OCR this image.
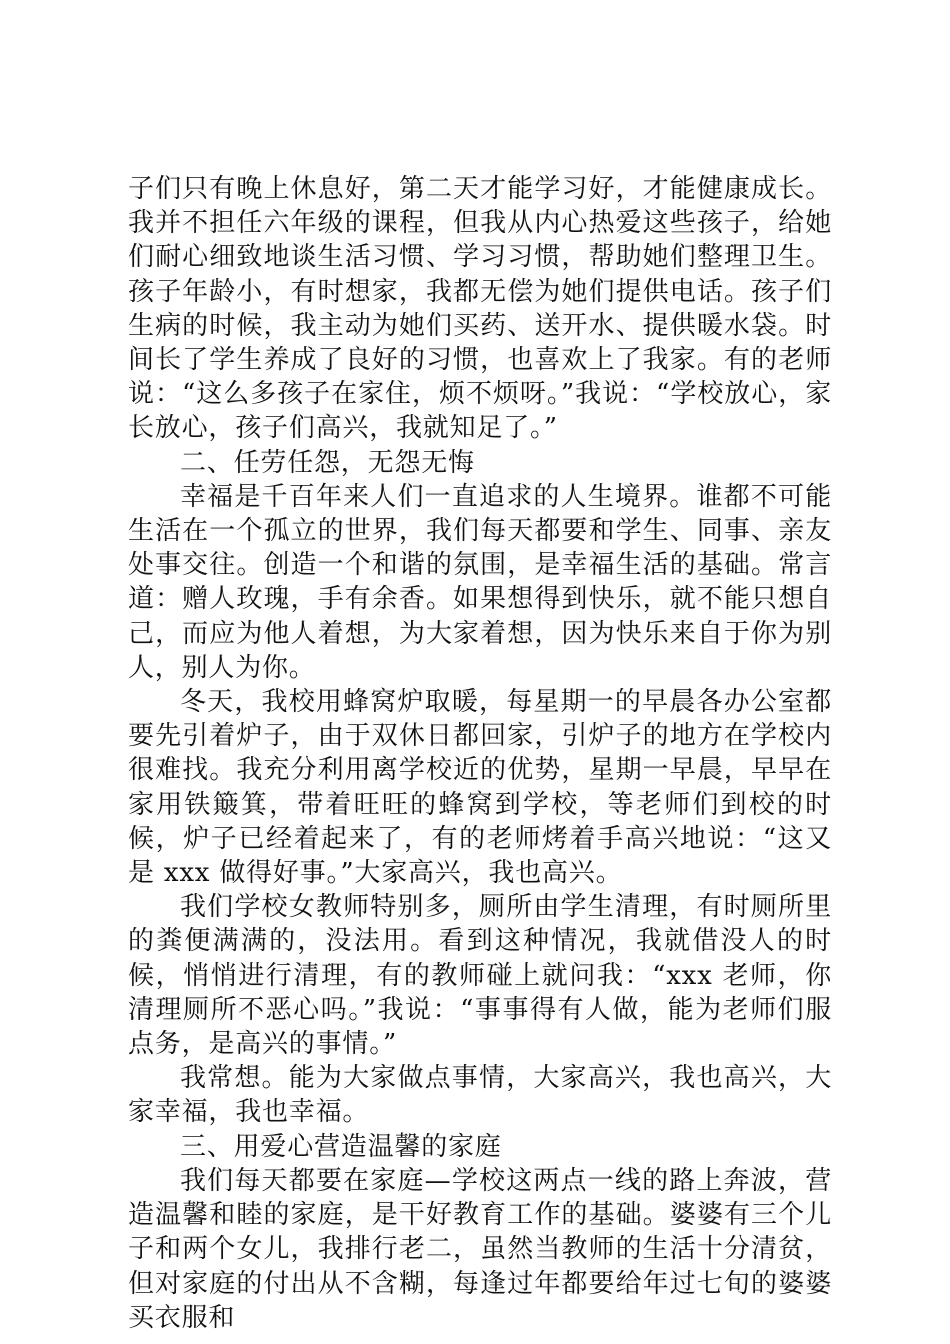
子们只有晚上休息好，第二天才能学习好，才能健康成长。我并不担任六年级的课程，但我从内心热爱这些孩子，给她们耐心细致地谈生活习惯、学习习惯，帮助她们整理卫生。孩子年龄小，有时想家，我都无偿为她们提供电话。孩子们生病的时候，我主动为她们买药、送开水、提供暖水袋。时间长了学生养成了良好的习惯，也喜欢上了我家。有的老师说：“这么多孩子在家住，烦不烦呀。”我说：“学校放心，家长放心，孩子们高兴，我就知足了。”

二、任劳任怨，无怨无悔

幸福是千百年来人们一直追求的人生境界。谁都不可能生活在一个孤立的世界，我们每天都要和学生、同事、亲友处事交往。创造一个和谐的氛围，是幸福生活的基础。常言道：赠人玫瑰，手有余香。如果想得到快乐，就不能只想自己，而应为他人着想，为大家着想，因为快乐来自于你为别人，别人为你。

冬天，我校用蜂窝炉取暖，每星期一的早晨各办公室都要先引着炉子，由于双休日都回家，引炉子的地方在学校内很难找。我充分利用离学校近的优势，星期一早晨，早早在家用铁簸箕，带着旺旺的蜂窝到学校，等老师们到校的时候，炉子已经着起来了，有的老师烤着手高兴地说：“这又是 xxx 做得好事。”大家高兴，我也高兴。

我们学校女教师特别多，厕所由学生清理，有时厕所里的粪便满满的，没法用。看到这种情况，我就借没人的时候，悄悄进行清理，有的教师碰上就问我：“xxx 老师，你清理厕所不恶心吗。”我说：“事事得有人做，能为老师们服点务，是高兴的事情。”

我常想。能为大家做点事情，大家高兴，我也高兴，大家幸福，我也幸福。

三、用爱心营造温馨的家庭

我们每天都要在家庭—学校这两点一线的路上奔波，营造温馨和睦的家庭，是干好教育工作的基础。婆婆有三个儿子和两个女儿，我排行老二，虽然当教师的生活十分清贫，但对家庭的付出从不含糊，每逢过年都要给年过七旬的婆婆买衣服和
